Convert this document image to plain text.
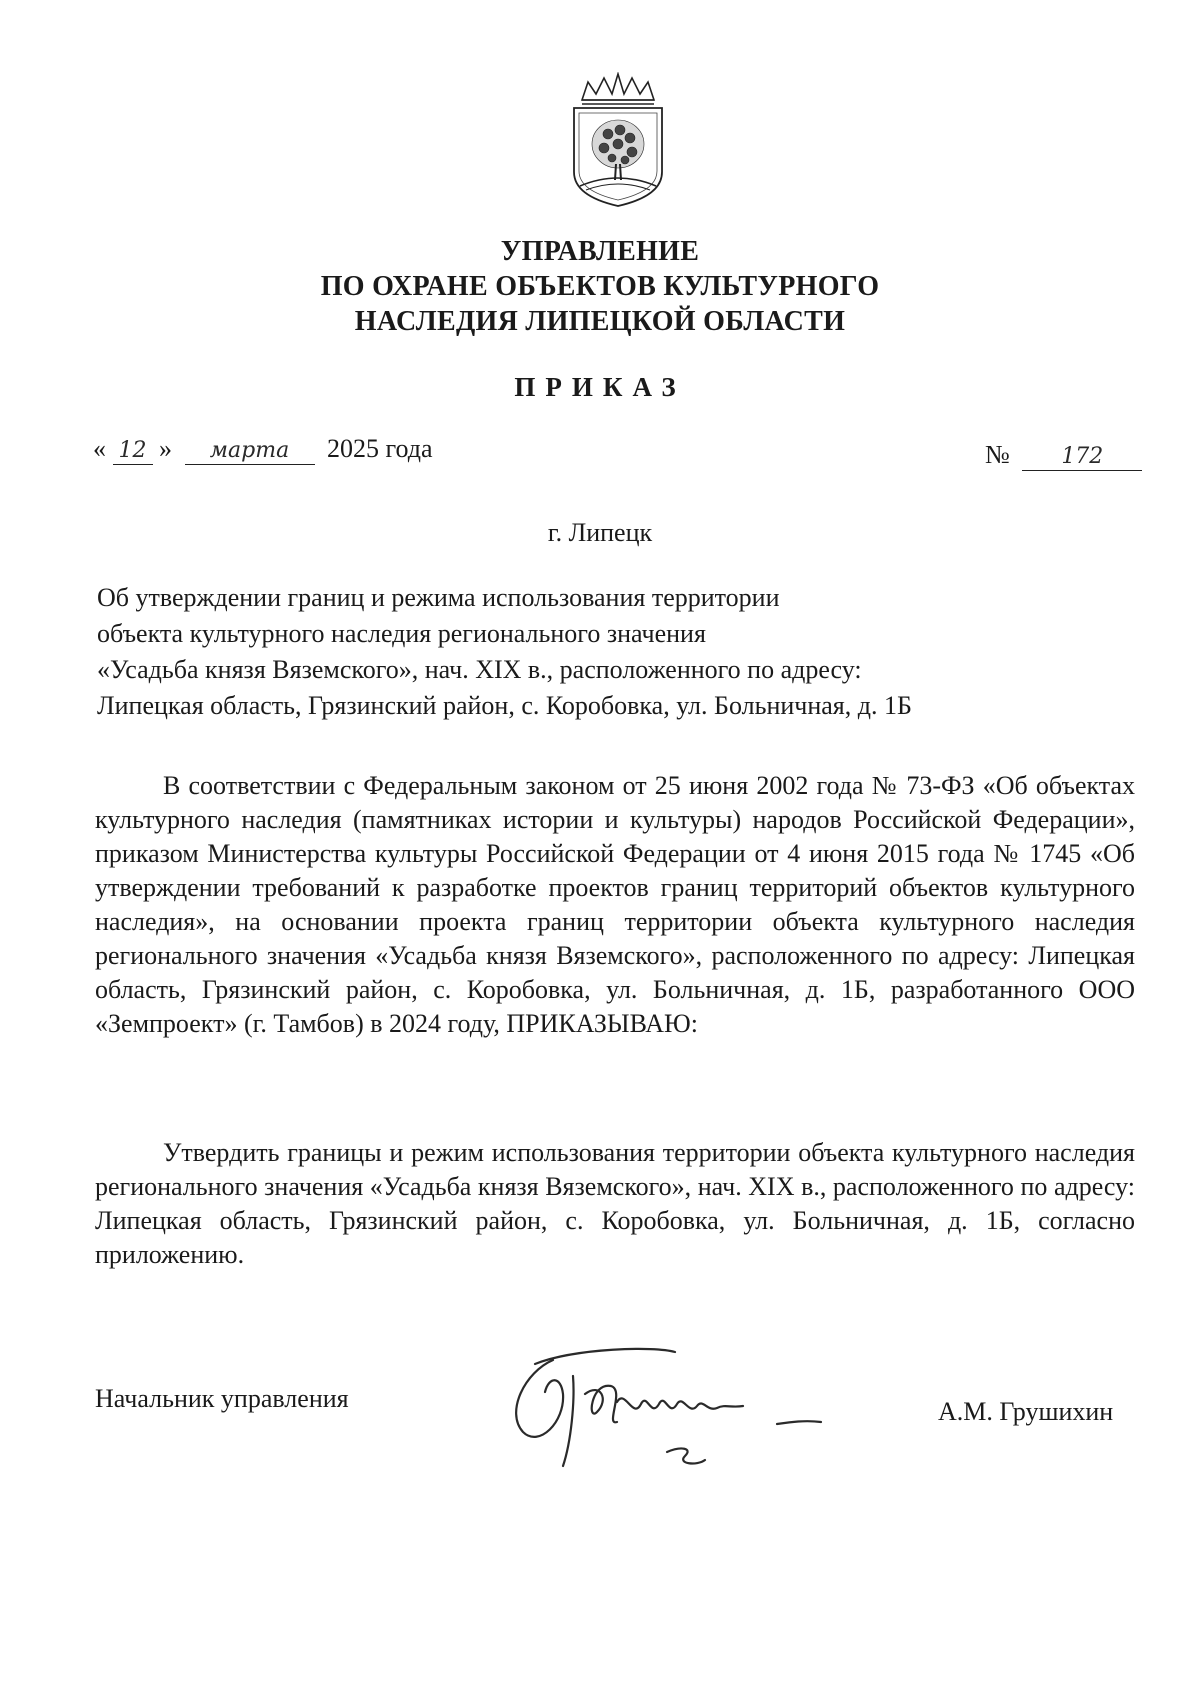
УПРАВЛЕНИЕ
ПО ОХРАНЕ ОБЪЕКТОВ КУЛЬТУРНОГО
НАСЛЕДИЯ ЛИПЕЦКОЙ ОБЛАСТИ
ПРИКАЗ
« 12 » марта 2025 года	№ 172
г. Липецк
Об утверждении границ и режима использования территории
объекта культурного наследия регионального значения
«Усадьба князя Вяземского», нач. XIX в., расположенного по адресу:
Липецкая область, Грязинский район, с. Коробовка, ул. Больничная, д. 1Б

В соответствии с Федеральным законом от 25 июня 2002 года № 73-ФЗ «Об объектах культурного наследия (памятниках истории и культуры) народов Российской Федерации», приказом Министерства культуры Российской Федерации от 4 июня 2015 года № 1745 «Об утверждении требований к разработке проектов границ территорий объектов культурного наследия», на основании проекта границ территории объекта культурного наследия регионального значения «Усадьба князя Вяземского», расположенного по адресу: Липецкая область, Грязинский район, с. Коробовка, ул. Больничная, д. 1Б, разработанного ООО «Земпроект» (г. Тамбов) в 2024 году, ПРИКАЗЫВАЮ:

Утвердить границы и режим использования территории объекта культурного наследия регионального значения «Усадьба князя Вяземского», нач. XIX в., расположенного по адресу: Липецкая область, Грязинский район, с. Коробовка, ул. Больничная, д. 1Б, согласно приложению.

Начальник управления	А.М. Грушихин
